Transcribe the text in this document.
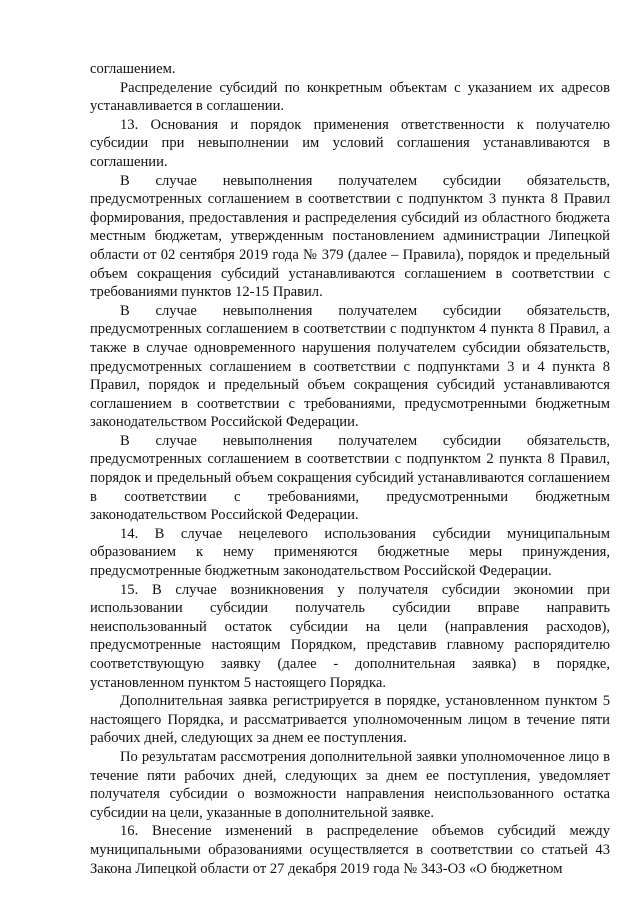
соглашением.

Распределение субсидий по конкретным объектам с указанием их адресов устанавливается в соглашении.

13. Основания и порядок применения ответственности к получателю субсидии при невыполнении им условий соглашения устанавливаются в соглашении.

В случае невыполнения получателем субсидии обязательств, предусмотренных соглашением в соответствии с подпунктом 3 пункта 8 Правил формирования, предоставления и распределения субсидий из областного бюджета местным бюджетам, утвержденным постановлением администрации Липецкой области от 02 сентября 2019 года № 379 (далее – Правила), порядок и предельный объем сокращения субсидий устанавливаются соглашением в соответствии с требованиями пунктов 12-15 Правил.

В случае невыполнения получателем субсидии обязательств, предусмотренных соглашением в соответствии с подпунктом 4 пункта 8 Правил, а также в случае одновременного нарушения получателем субсидии обязательств, предусмотренных соглашением в соответствии с подпунктами 3 и 4 пункта 8 Правил, порядок и предельный объем сокращения субсидий устанавливаются соглашением в соответствии с требованиями, предусмотренными бюджетным законодательством Российской Федерации.

В случае невыполнения получателем субсидии обязательств, предусмотренных соглашением в соответствии с подпунктом 2 пункта 8 Правил, порядок и предельный объем сокращения субсидий устанавливаются соглашением в соответствии с требованиями, предусмотренными бюджетным законодательством Российской Федерации.

14. В случае нецелевого использования субсидии муниципальным образованием к нему применяются бюджетные меры принуждения, предусмотренные бюджетным законодательством Российской Федерации.

15. В случае возникновения у получателя субсидии экономии при использовании субсидии получатель субсидии вправе направить неиспользованный остаток субсидии на цели (направления расходов), предусмотренные настоящим Порядком, представив главному распорядителю соответствующую заявку (далее - дополнительная заявка) в порядке, установленном пунктом 5 настоящего Порядка.

Дополнительная заявка регистрируется в порядке, установленном пунктом 5 настоящего Порядка, и рассматривается уполномоченным лицом в течение пяти рабочих дней, следующих за днем ее поступления.

По результатам рассмотрения дополнительной заявки уполномоченное лицо в течение пяти рабочих дней, следующих за днем ее поступления, уведомляет получателя субсидии о возможности направления неиспользованного остатка субсидии на цели, указанные в дополнительной заявке.

16. Внесение изменений в распределение объемов субсидий между муниципальными образованиями осуществляется в соответствии со статьей 43 Закона Липецкой области от 27 декабря 2019 года № 343-ОЗ «О бюджетном
